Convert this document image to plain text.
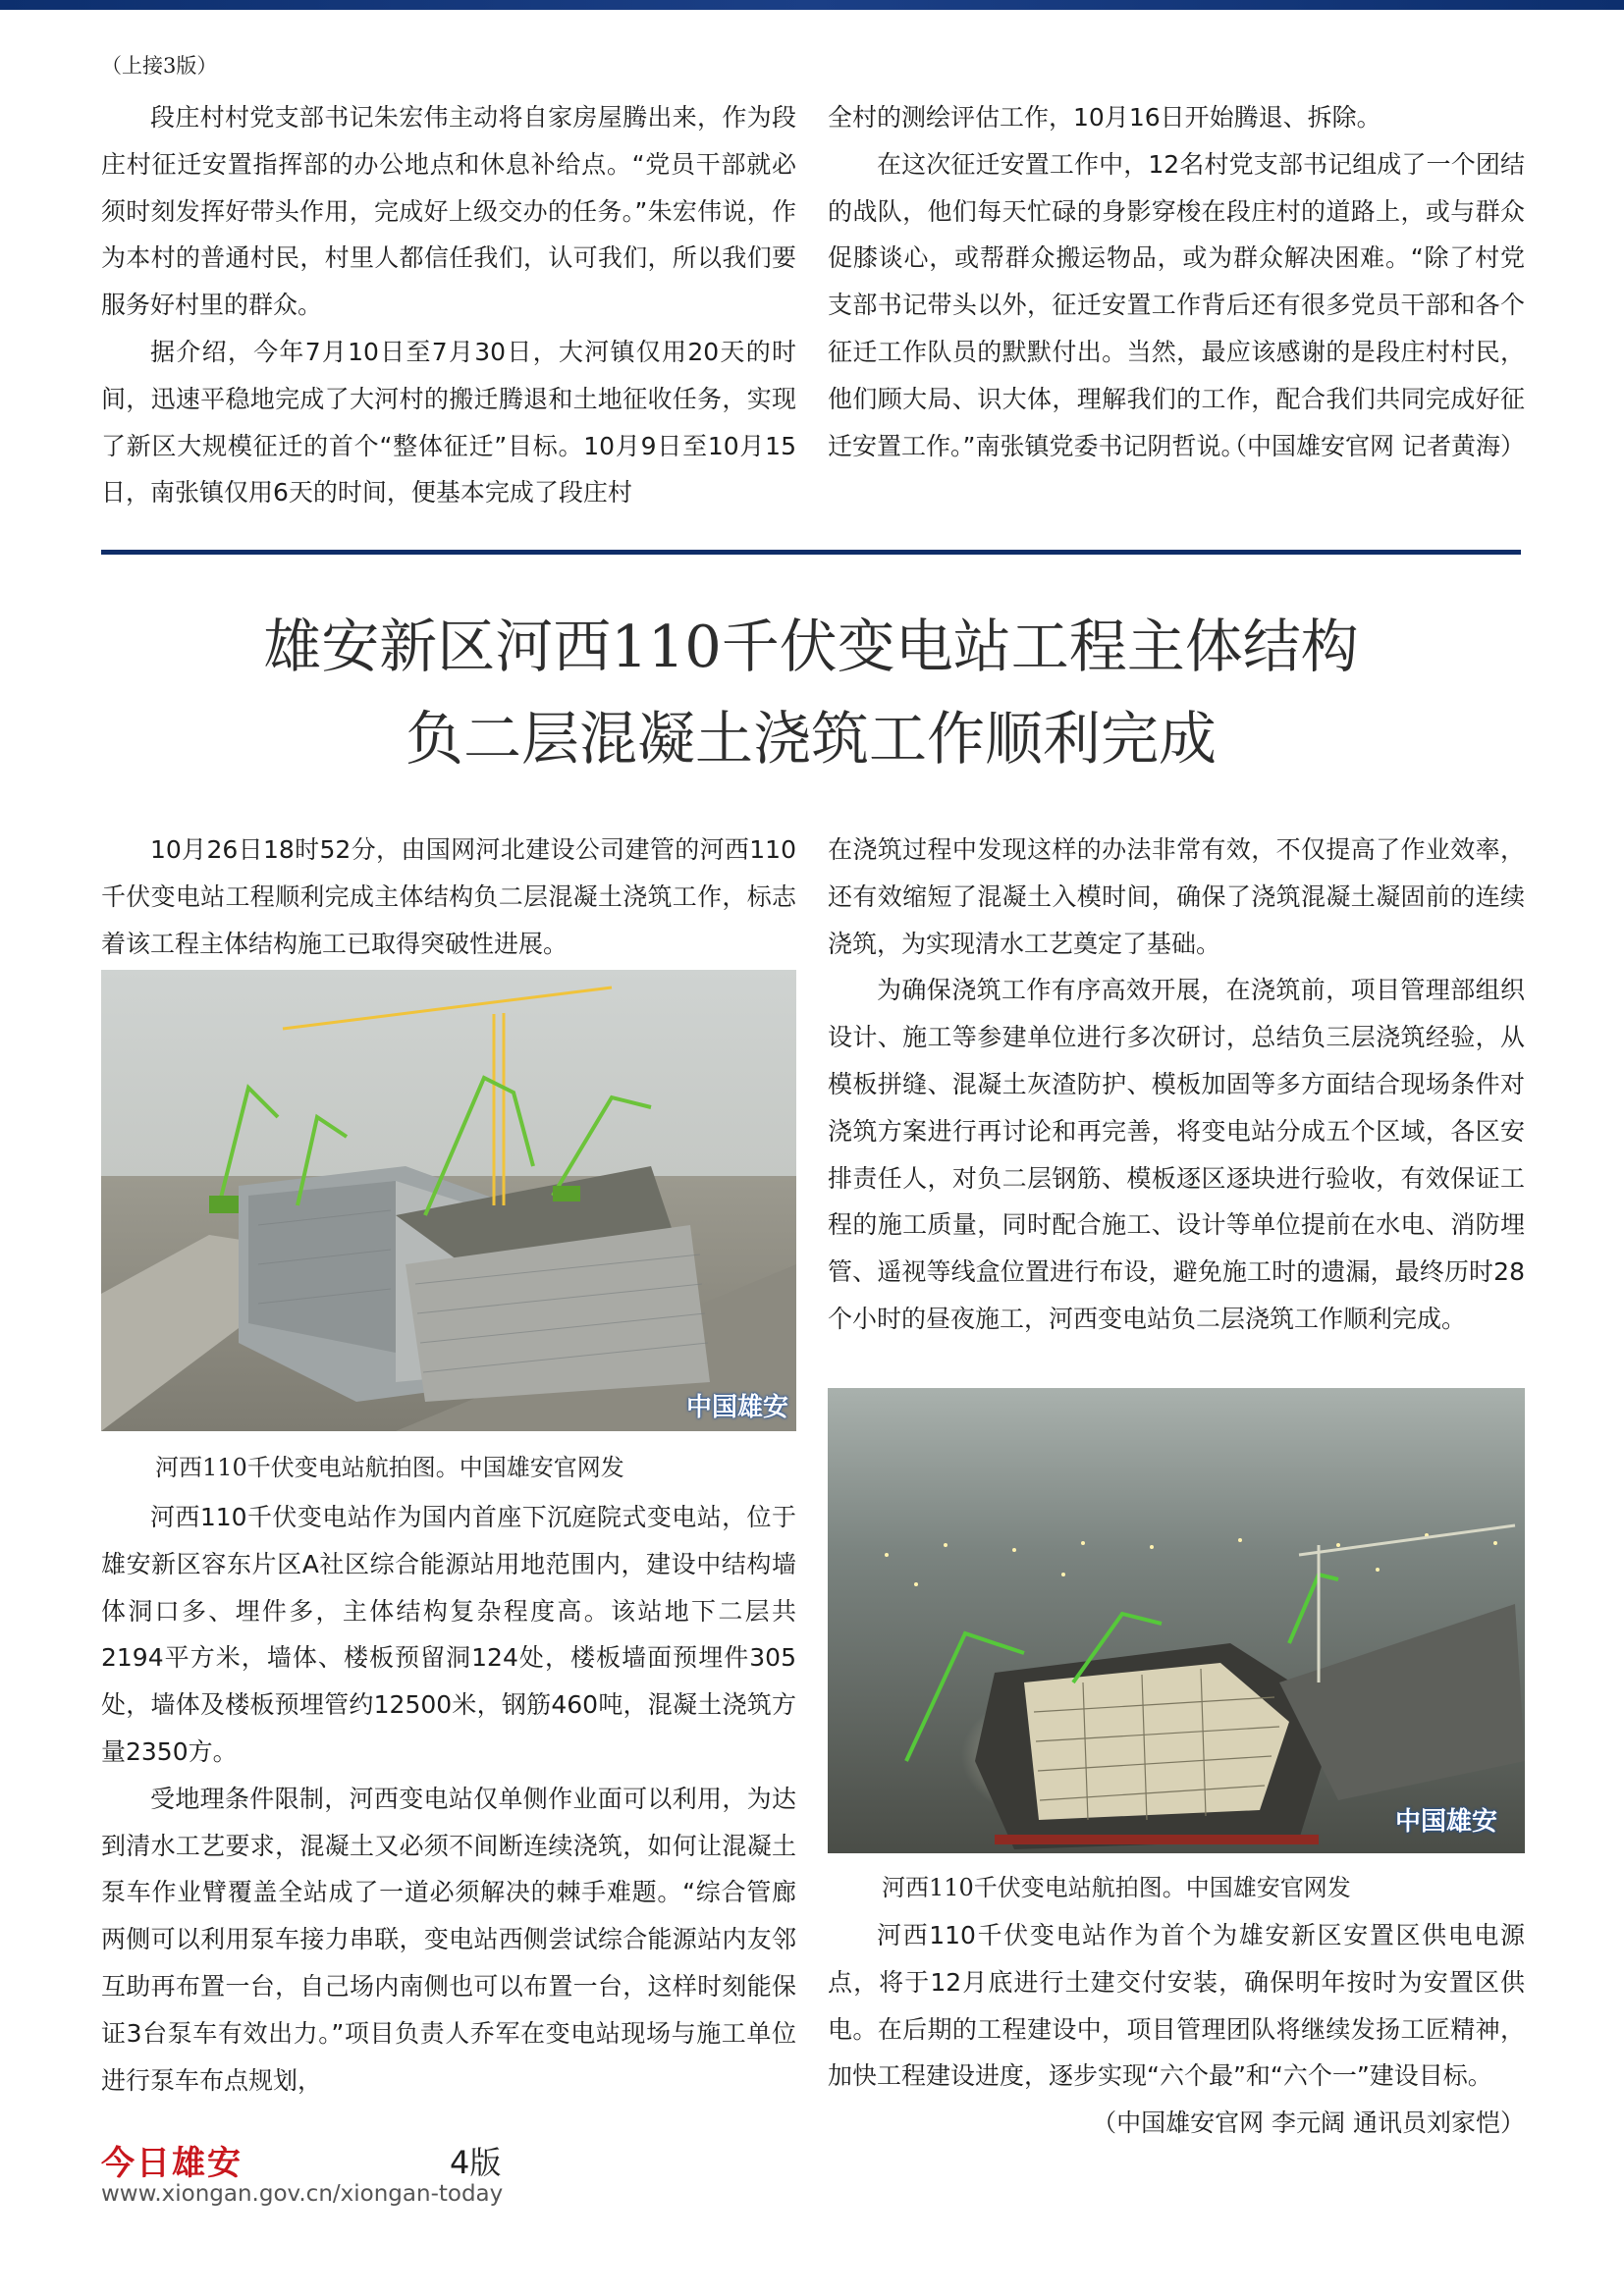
（上接3版）

段庄村村党支部书记朱宏伟主动将自家房屋腾出来，作为段庄村征迁安置指挥部的办公地点和休息补给点。“党员干部就必须时刻发挥好带头作用，完成好上级交办的任务。”朱宏伟说，作为本村的普通村民，村里人都信任我们，认可我们，所以我们要服务好村里的群众。

据介绍，今年7月10日至7月30日，大河镇仅用20天的时间，迅速平稳地完成了大河村的搬迁腾退和土地征收任务，实现了新区大规模征迁的首个“整体征迁”目标。10月9日至10月15日，南张镇仅用6天的时间，便基本完成了段庄村

全村的测绘评估工作，10月16日开始腾退、拆除。

在这次征迁安置工作中，12名村党支部书记组成了一个团结的战队，他们每天忙碌的身影穿梭在段庄村的道路上，或与群众促膝谈心，或帮群众搬运物品，或为群众解决困难。“除了村党支部书记带头以外，征迁安置工作背后还有很多党员干部和各个征迁工作队员的默默付出。当然，最应该感谢的是段庄村村民，他们顾大局、识大体，理解我们的工作，配合我们共同完成好征迁安置工作。”南张镇党委书记阴哲说。

（中国雄安官网 记者黄海）
雄安新区河西110千伏变电站工程主体结构
负二层混凝土浇筑工作顺利完成

10月26日18时52分，由国网河北建设公司建管的河西110千伏变电站工程顺利完成主体结构负二层混凝土浇筑工作，标志着该工程主体结构施工已取得突破性进展。

中国雄安
河西110千伏变电站航拍图。中国雄安官网发

河西110千伏变电站作为国内首座下沉庭院式变电站，位于雄安新区容东片区A社区综合能源站用地范围内，建设中结构墙体洞口多、埋件多，主体结构复杂程度高。该站地下二层共2194平方米，墙体、楼板预留洞124处，楼板墙面预埋件305处，墙体及楼板预埋管约12500米，钢筋460吨，混凝土浇筑方量2350方。

受地理条件限制，河西变电站仅单侧作业面可以利用，为达到清水工艺要求，混凝土又必须不间断连续浇筑，如何让混凝土泵车作业臂覆盖全站成了一道必须解决的棘手难题。“综合管廊两侧可以利用泵车接力串联，变电站西侧尝试综合能源站内友邻互助再布置一台，自己场内南侧也可以布置一台，这样时刻能保证3台泵车有效出力。”项目负责人乔军在变电站现场与施工单位进行泵车布点规划，

在浇筑过程中发现这样的办法非常有效，不仅提高了作业效率，还有效缩短了混凝土入模时间，确保了浇筑混凝土凝固前的连续浇筑，为实现清水工艺奠定了基础。

为确保浇筑工作有序高效开展，在浇筑前，项目管理部组织设计、施工等参建单位进行多次研讨，总结负三层浇筑经验，从模板拼缝、混凝土灰渣防护、模板加固等多方面结合现场条件对浇筑方案进行再讨论和再完善，将变电站分成五个区域，各区安排责任人，对负二层钢筋、模板逐区逐块进行验收，有效保证工程的施工质量，同时配合施工、设计等单位提前在水电、消防埋管、遥视等线盒位置进行布设，避免施工时的遗漏，最终历时28个小时的昼夜施工，河西变电站负二层浇筑工作顺利完成。

中国雄安
河西110千伏变电站航拍图。中国雄安官网发

河西110千伏变电站作为首个为雄安新区安置区供电电源点，将于12月底进行土建交付安装，确保明年按时为安置区供电。在后期的工程建设中，项目管理团队将继续发扬工匠精神，加快工程建设进度，逐步实现“六个最”和“六个一”建设目标。

（中国雄安官网 李元阔 通讯员刘家恺）
今日雄安	4版
www.xiongan.gov.cn/xiongan-today
